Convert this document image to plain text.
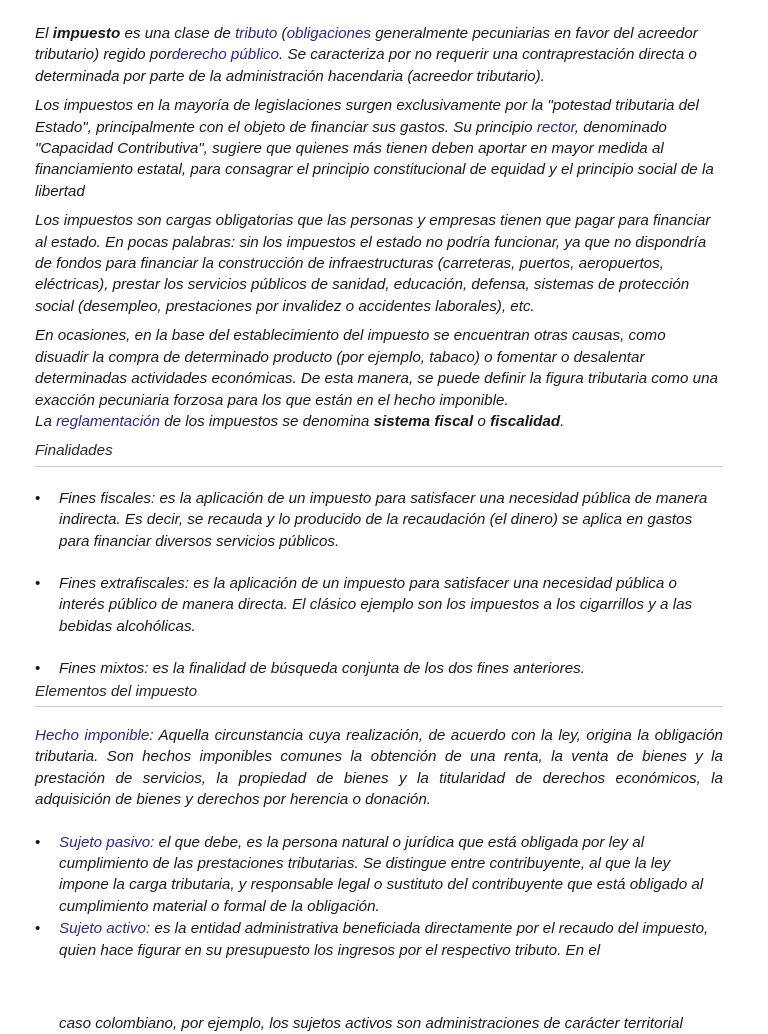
El impuesto es una clase de tributo (obligaciones generalmente pecuniarias en favor del acreedor tributario) regido porderecho público. Se caracteriza por no requerir una contraprestación directa o determinada por parte de la administración hacendaria (acreedor tributario).

Los impuestos en la mayoría de legislaciones surgen exclusivamente por la "potestad tributaria del Estado", principalmente con el objeto de financiar sus gastos. Su principio rector, denominado "Capacidad Contributiva", sugiere que quienes más tienen deben aportar en mayor medida al financiamiento estatal, para consagrar el principio constitucional de equidad y el principio social de la libertad

Los impuestos son cargas obligatorias que las personas y empresas tienen que pagar para financiar al estado. En pocas palabras: sin los impuestos el estado no podría funcionar, ya que no dispondría de fondos para financiar la construcción de infraestructuras (carreteras, puertos, aeropuertos, eléctricas), prestar los servicios públicos de sanidad, educación, defensa, sistemas de protección social (desempleo, prestaciones por invalidez o accidentes laborales), etc.

En ocasiones, en la base del establecimiento del impuesto se encuentran otras causas, como disuadir la compra de determinado producto (por ejemplo, tabaco) o fomentar o desalentar determinadas actividades económicas. De esta manera, se puede definir la figura tributaria como una exacción pecuniaria forzosa para los que están en el hecho imponible.
La reglamentación de los impuestos se denomina sistema fiscal o fiscalidad.

Finalidades
• Fines fiscales: es la aplicación de un impuesto para satisfacer una necesidad pública de manera indirecta. Es decir, se recauda y lo producido de la recaudación (el dinero) se aplica en gastos para financiar diversos servicios públicos.
• Fines extrafiscales: es la aplicación de un impuesto para satisfacer una necesidad pública o interés público de manera directa. El clásico ejemplo son los impuestos a los cigarrillos y a las bebidas alcohólicas.
• Fines mixtos: es la finalidad de búsqueda conjunta de los dos fines anteriores.
Elementos del impuesto

Hecho imponible: Aquella circunstancia cuya realización, de acuerdo con la ley, origina la obligación tributaria. Son hechos imponibles comunes la obtención de una renta, la venta de bienes y la prestación de servicios, la propiedad de bienes y la titularidad de derechos económicos, la adquisición de bienes y derechos por herencia o donación.

• Sujeto pasivo: el que debe, es la persona natural o jurídica que está obligada por ley al cumplimiento de las prestaciones tributarias. Se distingue entre contribuyente, al que la ley impone la carga tributaria, y responsable legal o sustituto del contribuyente que está obligado al cumplimiento material o formal de la obligación.
• Sujeto activo: es la entidad administrativa beneficiada directamente por el recaudo del impuesto, quien hace figurar en su presupuesto los ingresos por el respectivo tributo. En el
caso colombiano, por ejemplo, los sujetos activos son administraciones de carácter territorial
